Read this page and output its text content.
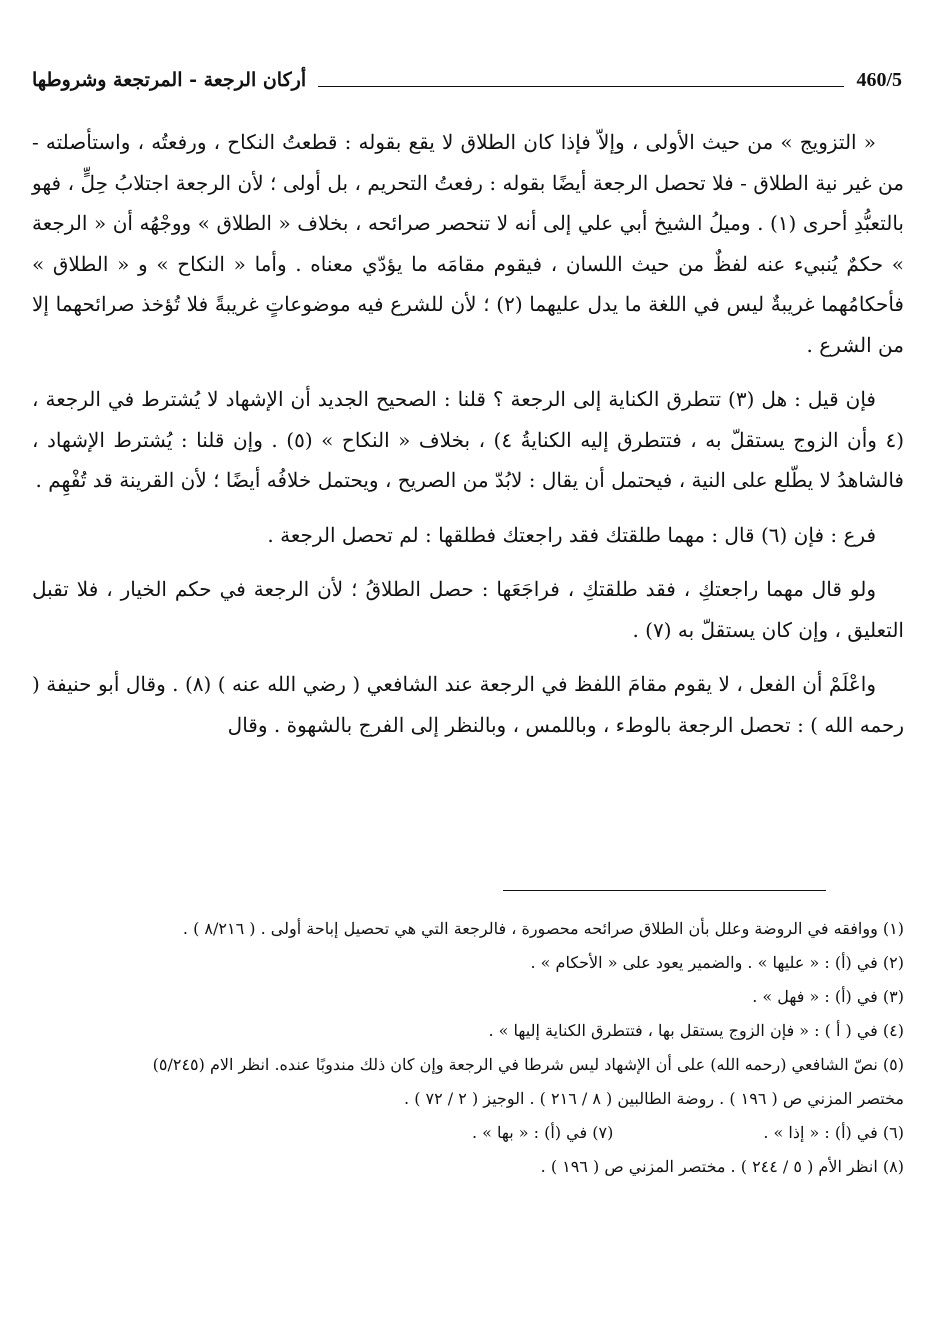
أركان الرجعة - المرتجعة وشروطها	460/5

« التزويج » من حيث الأولى ، وإلاّ فإذا كان الطلاق لا يقع بقوله : قطعتُ النكاح ، ورفعتُه ، واستأصلته - من غير نية الطلاق - فلا تحصل الرجعة أيضًا بقوله : رفعتُ التحريم ، بل أولى ؛ لأن الرجعة اجتلابُ حِلٍّ ، فهو بالتعبُّدِ أحرى (١) . وميلُ الشيخ أبي علي إلى أنه لا تنحصر صرائحه ، بخلاف « الطلاق » ووجْهُه أن « الرجعة » حكمٌ يُنبيء عنه لفظٌ من حيث اللسان ، فيقوم مقامَه ما يؤدّي معناه . وأما « النكاح » و « الطلاق » فأحكامُهما غريبةٌ ليس في اللغة ما يدل عليهما (٢) ؛ لأن للشرع فيه موضوعاتٍ غريبةً فلا تُؤخذ صرائحهما إلا من الشرع .

فإن قيل : هل (٣) تتطرق الكناية إلى الرجعة ؟ قلنا : الصحيح الجديد أن الإشهاد لا يُشترط في الرجعة ، (٤ وأن الزوج يستقلّ به ، فتتطرق إليه الكنايةُ ٤) ، بخلاف « النكاح » (٥) . وإن قلنا : يُشترط الإشهاد ، فالشاهدُ لا يطّلع على النية ، فيحتمل أن يقال : لابُدّ من الصريح ، ويحتمل خلافُه أيضًا ؛ لأن القرينة قد تُفْهِم .

فرع : فإن (٦) قال : مهما طلقتك فقد راجعتك فطلقها : لم تحصل الرجعة .

ولو قال مهما راجعتكِ ، فقد طلقتكِ ، فراجَعَها : حصل الطلاقُ ؛ لأن الرجعة في حكم الخيار ، فلا تقبل التعليق ، وإن كان يستقلّ به (٧) .

واعْلَمْ أن الفعل ، لا يقوم مقامَ اللفظ في الرجعة عند الشافعي ( رضي الله عنه ) (٨) . وقال أبو حنيفة ( رحمه الله ) : تحصل الرجعة بالوطء ، وباللمس ، وبالنظر إلى الفرج بالشهوة . وقال

(١) ووافقه في الروضة وعلل بأن الطلاق صرائحه محصورة ، فالرجعة التي هي تحصيل إباحة أولى . ( ٨/٢١٦ ) .

(٢) في (أ) : « عليها » . والضمير يعود على « الأحكام » .

(٣) في (أ) : « فهل » .

(٤) في ( أ ) : « فإن الزوج يستقل بها ، فتتطرق الكناية إليها » .

(٥) نصّ الشافعي (رحمه الله) على أن الإشهاد ليس شرطا في الرجعة وإن كان ذلك مندوبًا عنده. انظر الام (٥/٢٤٥)

مختصر المزني ص ( ١٩٦ ) . روضة الطالبين ( ٨ / ٢١٦ ) . الوجيز ( ٢ / ٧٢ ) .

(٦) في (أ) : « إذا » .

(٧) في (أ) : « بها » .

(٨) انظر الأم ( ٥ / ٢٤٤ ) . مختصر المزني ص ( ١٩٦ ) .
